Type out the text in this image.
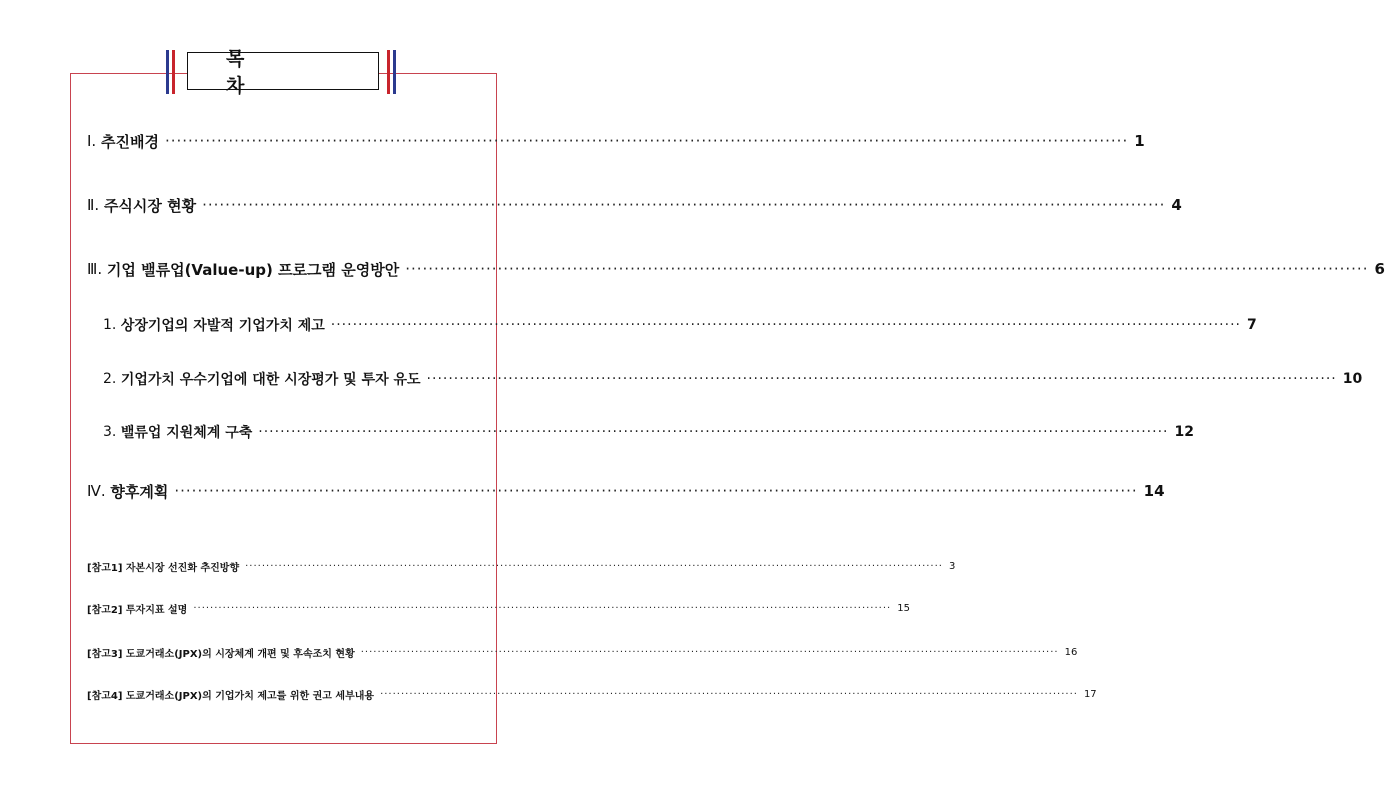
목 차
Ⅰ.
추진배경 ······································································································································································· 1
Ⅱ.
주식시장 현황 ······································································································································································· 4
Ⅲ.
기업 밸류업(Value-up) 프로그램 운영방안 ······································································································································································· 6
1.
상장기업의 자발적 기업가치 제고 ······································································································································································· 7
2.
기업가치 우수기업에 대한 시장평가 및 투자 유도 ······································································································································································· 10
3.
밸류업 지원체계 구축 ······································································································································································· 12
Ⅳ.
향후계획 ······································································································································································· 14
[참고1] 자본시장 선진화 추진방향 ······································································································································································· 3
[참고2] 투자지표 설명 ······································································································································································· 15
[참고3] 도쿄거래소(JPX)의 시장체계 개편 및 후속조치 현황 ······································································································································································· 16
[참고4] 도쿄거래소(JPX)의 기업가치 제고를 위한 권고 세부내용 ······································································································································································· 17
